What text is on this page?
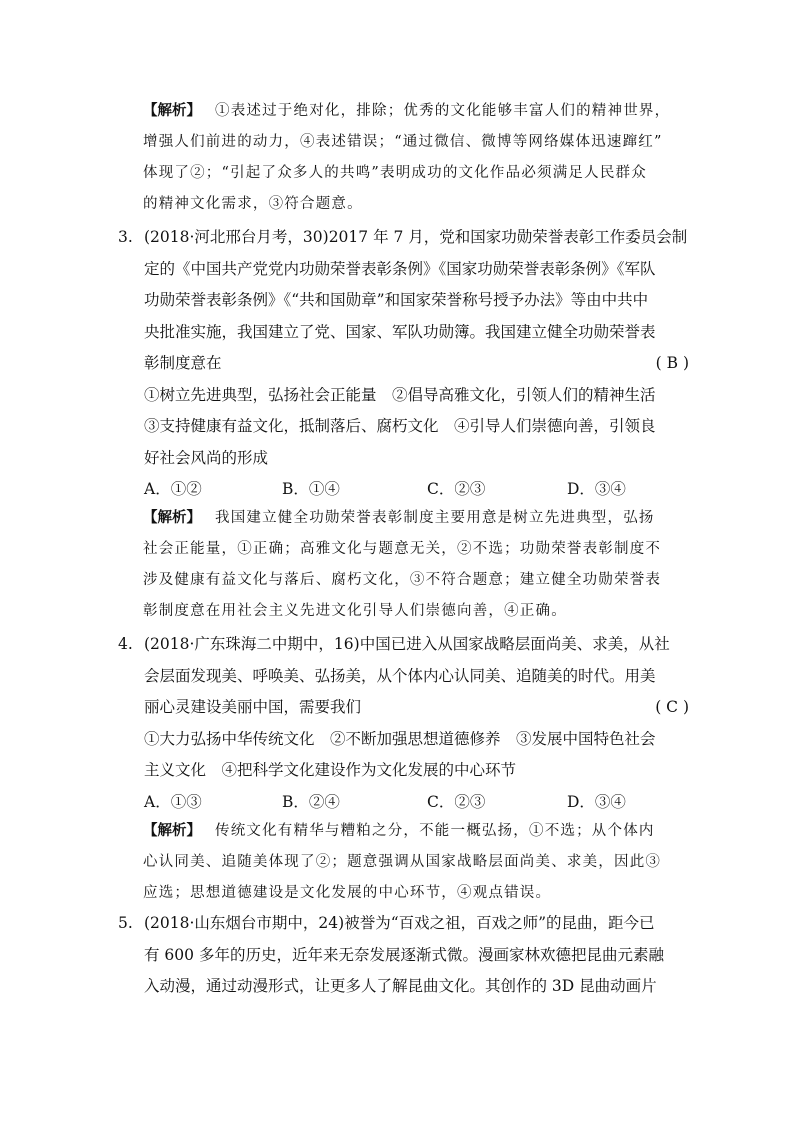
【解析】 ①表述过于绝对化，排除；优秀的文化能够丰富人们的精神世界，
增强人们前进的动力，④表述错误；“通过微信、微博等网络媒体迅速蹿红”
体现了②；“引起了众多人的共鸣”表明成功的文化作品必须满足人民群众
的精神文化需求，③符合题意。
3. (2018·河北邢台月考，30)2017 年 7 月，党和国家功勋荣誉表彰工作委员会制
定的《中国共产党党内功勋荣誉表彰条例》《国家功勋荣誉表彰条例》《军队
功勋荣誉表彰条例》《“共和国勋章”和国家荣誉称号授予办法》等由中共中
央批准实施，我国建立了党、国家、军队功勋簿。我国建立健全功勋荣誉表
彰制度意在	( B )
①树立先进典型，弘扬社会正能量　②倡导高雅文化，引领人们的精神生活
③支持健康有益文化，抵制落后、腐朽文化　④引导人们崇德向善，引领良
好社会风尚的形成
A．①②	B．①④	C．②③	D．③④
【解析】 我国建立健全功勋荣誉表彰制度主要用意是树立先进典型，弘扬
社会正能量，①正确；高雅文化与题意无关，②不选；功勋荣誉表彰制度不
涉及健康有益文化与落后、腐朽文化，③不符合题意；建立健全功勋荣誉表
彰制度意在用社会主义先进文化引导人们崇德向善，④正确。
4. (2018·广东珠海二中期中，16)中国已进入从国家战略层面尚美、求美，从社
会层面发现美、呼唤美、弘扬美，从个体内心认同美、追随美的时代。用美
丽心灵建设美丽中国，需要我们	( C )
①大力弘扬中华传统文化　②不断加强思想道德修养　③发展中国特色社会
主义文化　④把科学文化建设作为文化发展的中心环节
A．①③	B．②④	C．②③	D．③④
【解析】 传统文化有精华与糟粕之分，不能一概弘扬，①不选；从个体内
心认同美、追随美体现了②；题意强调从国家战略层面尚美、求美，因此③
应选；思想道德建设是文化发展的中心环节，④观点错误。
5. (2018·山东烟台市期中，24)被誉为“百戏之祖，百戏之师”的昆曲，距今已
有 600 多年的历史，近年来无奈发展逐渐式微。漫画家林欢德把昆曲元素融
入动漫，通过动漫形式，让更多人了解昆曲文化。其创作的 3D 昆曲动画片
